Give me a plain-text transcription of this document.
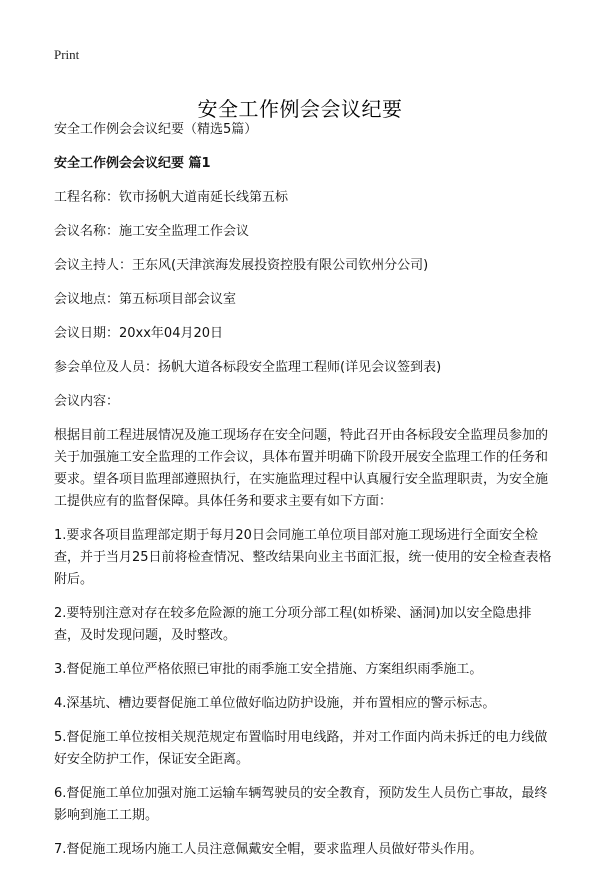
Print
安全工作例会会议纪要

安全工作例会会议纪要（精选5篇）

安全工作例会会议纪要 篇1

工程名称：钦市扬帆大道南延长线第五标

会议名称：施工安全监理工作会议

会议主持人：王东风(天津滨海发展投资控股有限公司钦州分公司)

会议地点：第五标项目部会议室

会议日期：20xx年04月20日

参会单位及人员：扬帆大道各标段安全监理工程师(详见会议签到表)

会议内容：

根据目前工程进展情况及施工现场存在安全问题，特此召开由各标段安全监理员参加的关于加强施工安全监理的工作会议，具体布置并明确下阶段开展安全监理工作的任务和要求。望各项目监理部遵照执行，在实施监理过程中认真履行安全监理职责，为安全施工提供应有的监督保障。具体任务和要求主要有如下方面：

1.要求各项目监理部定期于每月20日会同施工单位项目部对施工现场进行全面安全检查，并于当月25日前将检查情况、整改结果向业主书面汇报，统一使用的安全检查表格附后。

2.要特别注意对存在较多危险源的施工分项分部工程(如桥梁、涵洞)加以安全隐患排查，及时发现问题，及时整改。

3.督促施工单位严格依照已审批的雨季施工安全措施、方案组织雨季施工。

4.深基坑、槽边要督促施工单位做好临边防护设施，并布置相应的警示标志。

5.督促施工单位按相关规范规定布置临时用电线路，并对工作面内尚未拆迁的电力线做好安全防护工作，保证安全距离。

6.督促施工单位加强对施工运输车辆驾驶员的安全教育，预防发生人员伤亡事故，最终影响到施工工期。

7.督促施工现场内施工人员注意佩戴安全帽，要求监理人员做好带头作用。
